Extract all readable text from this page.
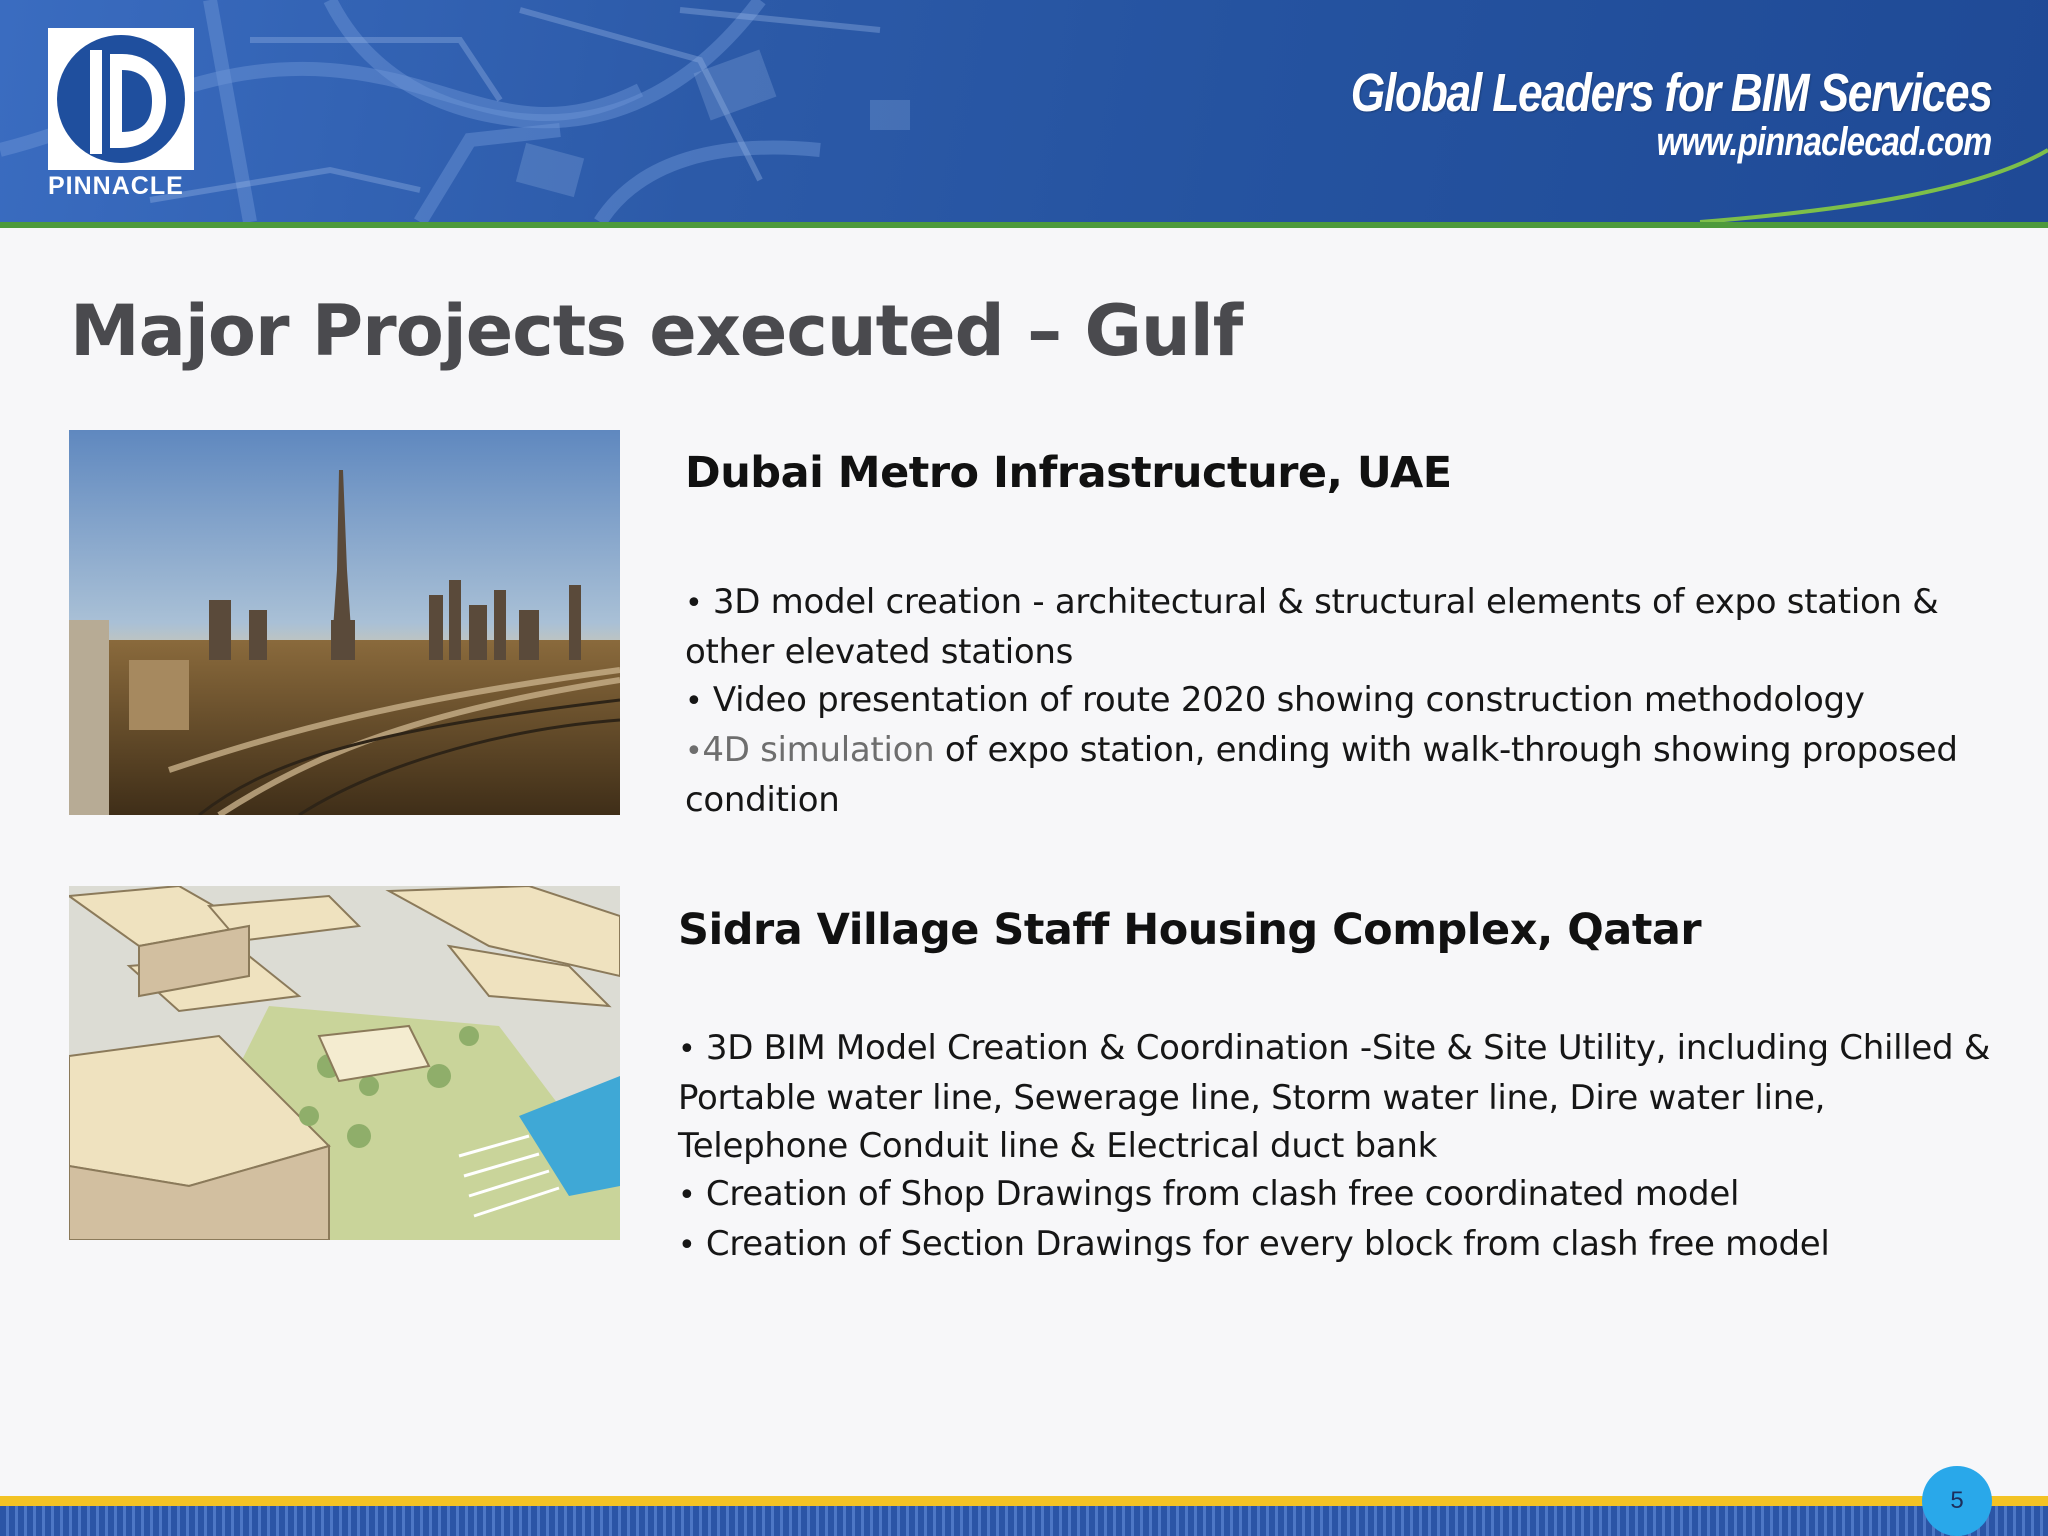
PINNACLE
Global Leaders for BIM Services
www.pinnaclecad.com
Major Projects executed – Gulf
Dubai Metro Infrastructure, UAE
• 3D model creation - architectural & structural elements of expo station &
other elevated stations
• Video presentation of route 2020 showing construction methodology
•4D simulation of expo station, ending with walk-through showing proposed
condition
Sidra Village Staff Housing Complex, Qatar
• 3D BIM Model Creation & Coordination -Site & Site Utility, including Chilled &
Portable water line, Sewerage line, Storm water line, Dire water line,
Telephone Conduit line & Electrical duct bank
• Creation of Shop Drawings from clash free coordinated model
• Creation of Section Drawings for every block from clash free model
5
